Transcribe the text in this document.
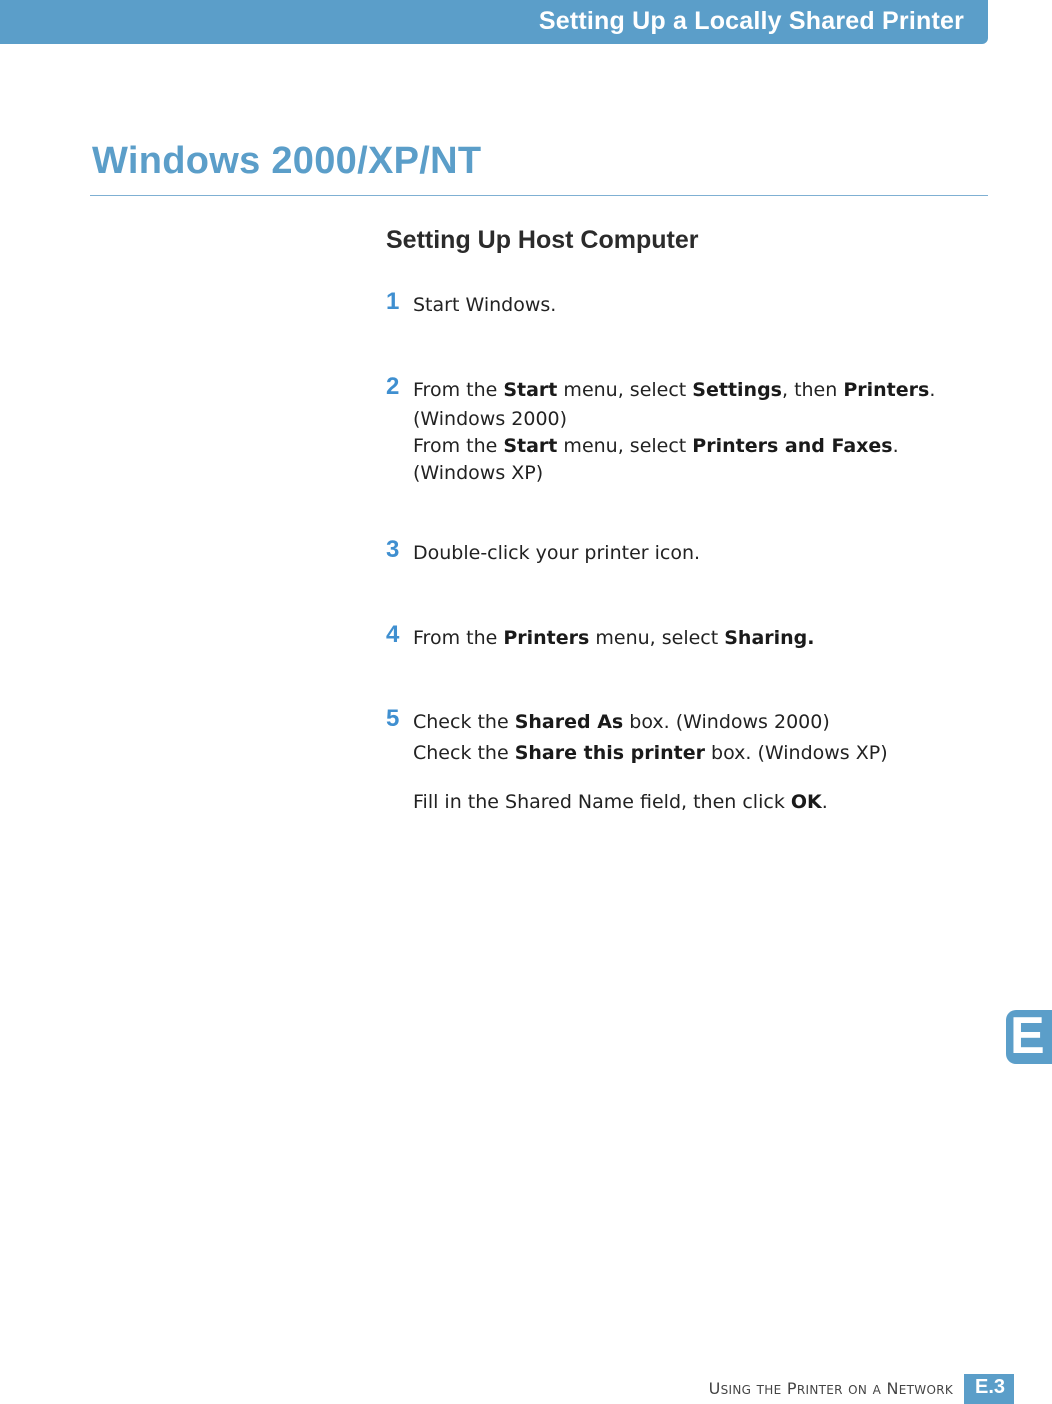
Setting Up a Locally Shared Printer
Windows 2000/XP/NT
Setting Up Host Computer
1 Start Windows.
2 From the Start menu, select Settings, then Printers.
(Windows 2000)
From the Start menu, select Printers and Faxes.
(Windows XP)
3 Double-click your printer icon.
4 From the Printers menu, select Sharing.
5 Check the Shared As box. (Windows 2000)
Check the Share this printer box. (Windows XP)
Fill in the Shared Name field, then click OK.
E
USING THE PRINTER ON A NETWORK E.3
